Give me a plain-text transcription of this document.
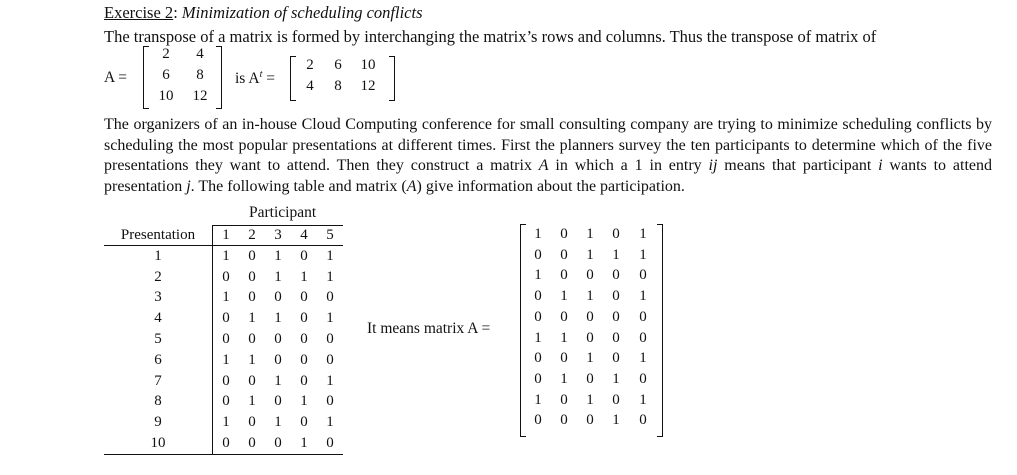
Exercise 2: Minimization of scheduling conflicts
The transpose of a matrix is formed by interchanging the matrix’s rows and columns. Thus the transpose of matrix of
A =
2	4
6	8
10	12
is $A^t$ =
2	6	10
4	8	12
The organizers of an in-house Cloud Computing conference for small consulting company are trying to minimize scheduling conflicts by scheduling the most popular presentations at different times. First the planners survey the ten participants to determine which of the five presentations they want to attend. Then they construct a matrix A in which a 1 in entry ij means that participant i wants to attend presentation j. The following table and matrix (A) give information about the participation.
Participant
Presentation	1	2	3	4	5
1	1	0	1	0	1
2	0	0	1	1	1
3	1	0	0	0	0
4	0	1	1	0	1
5	0	0	0	0	0
6	1	1	0	0	0
7	0	0	1	0	1
8	0	1	0	1	0
9	1	0	1	0	1
10	0	0	0	1	0
It means matrix A =
1	0	1	0	1
0	0	1	1	1
1	0	0	0	0
0	1	1	0	1
0	0	0	0	0
1	1	0	0	0
0	0	1	0	1
0	1	0	1	0
1	0	1	0	1
0	0	0	1	0
